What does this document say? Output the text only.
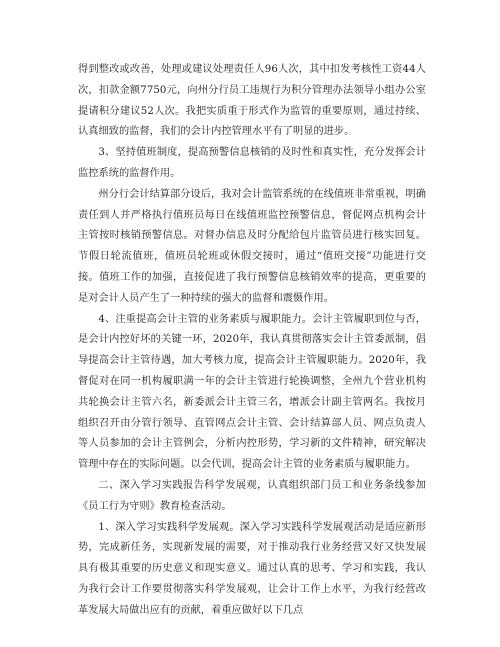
得到整改或改善，处理或建议处理责任人96人次，其中扣发考核性工资44人次，扣款金额7750元，向州分行员工违规行为积分管理办法领导小组办公室提请积分建议52人次。我把实质重于形式作为监管的重要原则，通过持续、认真细致的监督，我们的会计内控管理水平有了明显的进步。

3、坚持值班制度，提高预警信息核销的及时性和真实性，充分发挥会计监控系统的监督作用。

州分行会计结算部分设后，我对会计监管系统的在线值班非常重视，明确责任到人并严格执行值班员每日在线值班监控预警信息，督促网点机构会计主管按时核销预警信息。对督办信息及时分配给包片监管员进行核实回复。节假日轮流值班，值班员轮班或休假交接时，通过“值班交接”功能进行交接。值班工作的加强，直接促进了我行预警信息核销效率的提高，更重要的是对会计人员产生了一种持续的强大的监督和震慑作用。

4、注重提高会计主管的业务素质与履职能力。会计主管履职到位与否，是会计内控好坏的关键一环，2020年，我认真贯彻落实会计主管委派制，倡导提高会计主管待遇，加大考核力度，提高会计主管履职能力。2020年，我督促对在同一机构履职满一年的会计主管进行轮换调整，全州九个营业机构共轮换会计主管六名，新委派会计主管三名，增派会计副主管两名。我按月组织召开由分管行领导、直管网点会计主管、会计结算部人员、网点负责人等人员参加的会计主管例会，分析内控形势，学习新的文件精神，研究解决管理中存在的实际问题。以会代训，提高会计主管的业务素质与履职能力。

二、深入学习实践报告科学发展观，认真组织部门员工和业务条线参加《员工行为守则》教育检查活动。

1、深入学习实践科学发展观。深入学习实践科学发展观活动是适应新形势，完成新任务，实现新发展的需要，对于推动我行业务经营又好又快发展具有极其重要的历史意义和现实意义。通过认真的思考、学习和实践，我认为我行会计工作要贯彻落实科学发展观，让会计工作上水平，为我行经营改革发展大局做出应有的贡献，着重应做好以下几点
